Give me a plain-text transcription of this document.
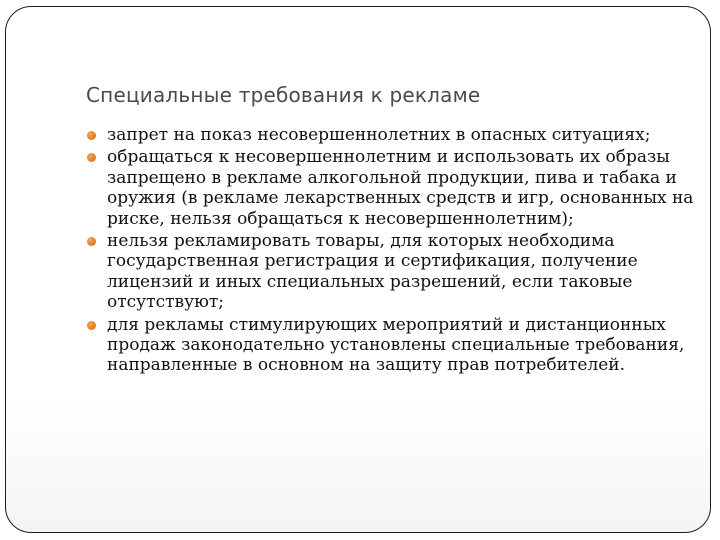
Специальные требования к рекламе
запрет на показ несовершеннолетних в опасных ситуациях;
обращаться к несовершеннолетним и использовать их образы запрещено в рекламе алкогольной продукции, пива и табака и оружия (в рекламе лекарственных средств и игр, основанных на риске, нельзя обращаться к несовершеннолетним);
нельзя рекламировать товары, для которых необходима государственная регистрация и сертификация, получение лицензий и иных специальных разрешений, если таковые отсутствуют;
для рекламы стимулирующих мероприятий и дистанционных продаж законодательно установлены специальные требования, направленные в основном на защиту прав потребителей.
